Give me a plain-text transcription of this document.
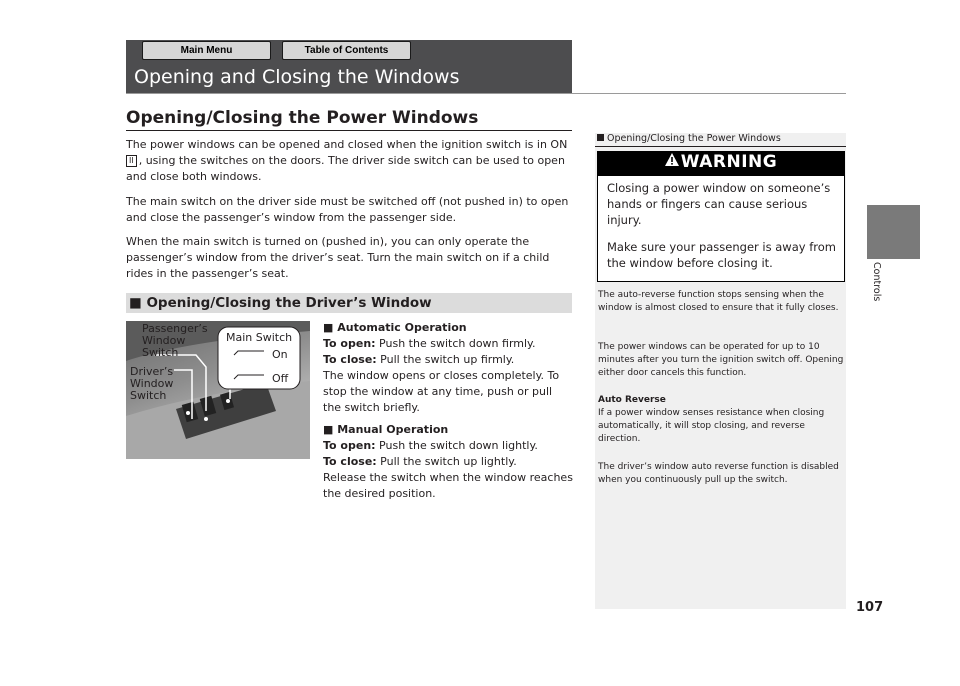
Main Menu	Table of Contents
Opening and Closing the Windows
Controls
107
Opening/Closing the Power Windows
The power windows can be opened and closed when the ignition switch is in ON
II , using the switches on the doors. The driver side switch can be used to open and close both windows.
The main switch on the driver side must be switched off (not pushed in) to open and close the passenger’s window from the passenger side.
When the main switch is turned on (pushed in), you can only operate the passenger’s window from the driver’s seat. Turn the main switch on if a child rides in the passenger’s seat.
■ Opening/Closing the Driver’s Window
Passenger’s
Window
Switch
Driver’s
Window
Switch
Main Switch
On
Off
■ Automatic Operation
To open: Push the switch down firmly.
To close: Pull the switch up firmly.
The window opens or closes completely. To stop the window at any time, push or pull the switch briefly.
■ Manual Operation
To open: Push the switch down lightly.
To close: Pull the switch up lightly.
Release the switch when the window reaches the desired position.
Opening/Closing the Power Windows
WARNING
Closing a power window on someone’s hands or fingers can cause serious injury.
Make sure your passenger is away from the window before closing it.
The auto-reverse function stops sensing when the window is almost closed to ensure that it fully closes.
The power windows can be operated for up to 10 minutes after you turn the ignition switch off. Opening either door cancels this function.
Auto Reverse
If a power window senses resistance when closing automatically, it will stop closing, and reverse direction.
The driver’s window auto reverse function is disabled when you continuously pull up the switch.
